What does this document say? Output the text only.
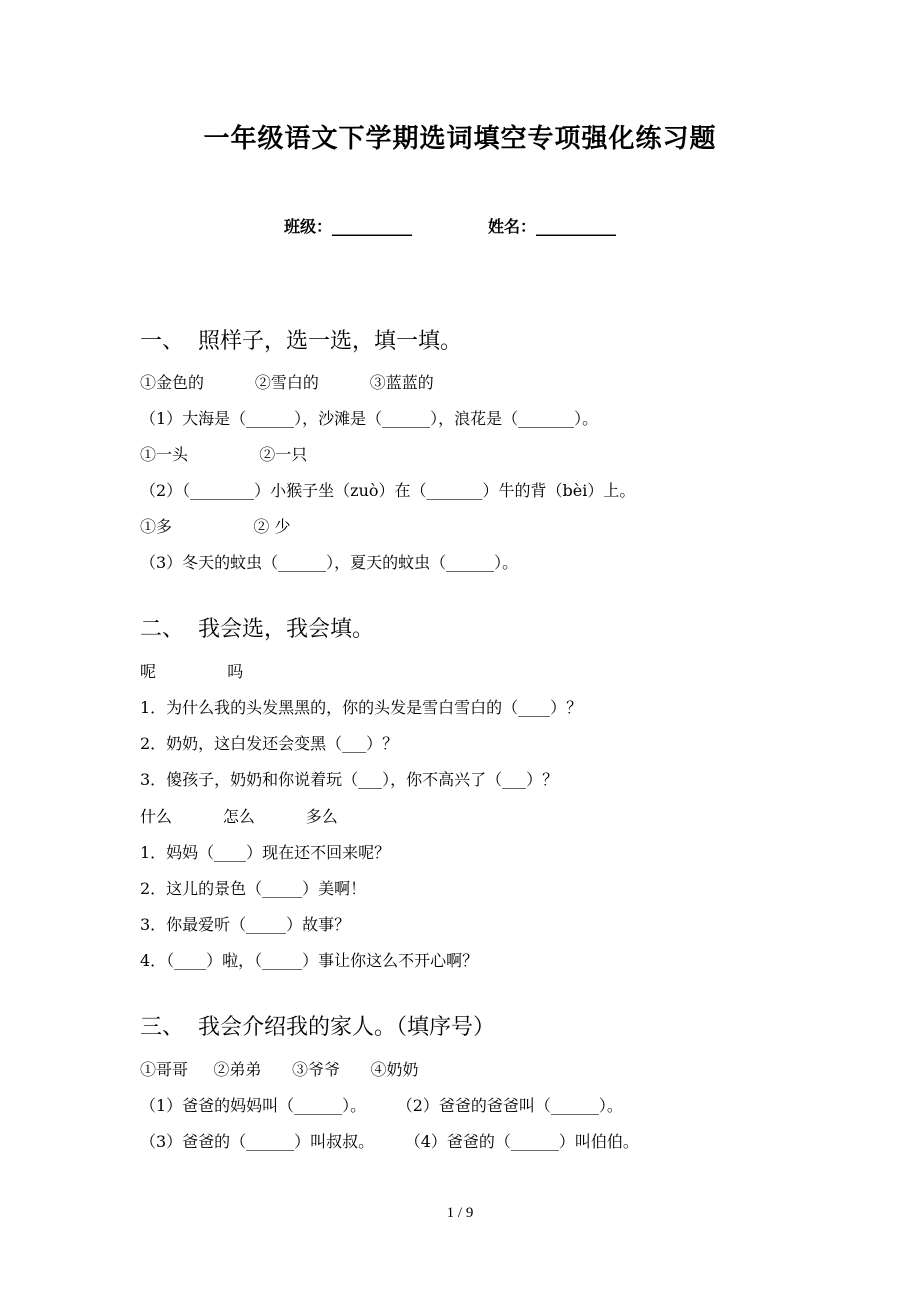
一年级语文下学期选词填空专项强化练习题
班级：__________	姓名：__________
一、  照样子，选一选，填一填。
①金色的          ②雪白的          ③蓝蓝的
（1）大海是（______），沙滩是（______），浪花是（_______）。
①一头              ②一只
（2）（________）小猴子坐（zuò）在（_______）牛的背（bèi）上。
①多                ② 少
（3）冬天的蚊虫（______），夏天的蚊虫（______）。
二、  我会选，我会填。
呢              吗
1．为什么我的头发黑黑的，你的头发是雪白雪白的（____）？
2．奶奶，这白发还会变黑（___）？
3．傻孩子，奶奶和你说着玩（___），你不高兴了（___）？
什么          怎么          多么
1．妈妈（____）现在还不回来呢？
2．这儿的景色（_____）美啊！
3．你最爱听（_____）故事？
4．（____）啦，（_____）事让你这么不开心啊？
三、  我会介绍我的家人。（填序号）
①哥哥     ②弟弟      ③爷爷      ④奶奶
（1）爸爸的妈妈叫（______）。      （2）爸爸的爸爸叫（______）。
（3）爸爸的（______）叫叔叔。      （4）爸爸的（______）叫伯伯。
1 / 9
